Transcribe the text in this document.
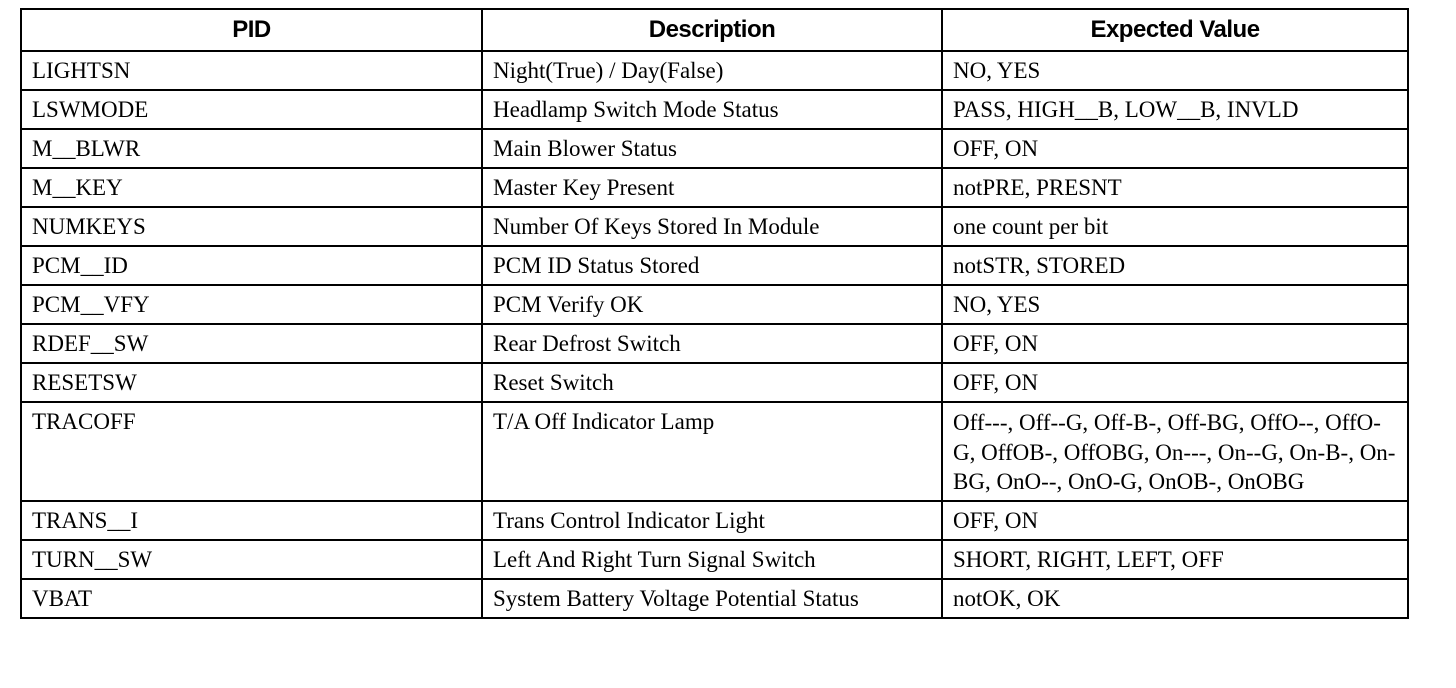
PID	Description	Expected Value
LIGHTSN	Night(True) / Day(False)	NO, YES
LSWMODE	Headlamp Switch Mode Status	PASS, HIGH__B, LOW__B, INVLD
M__BLWR	Main Blower Status	OFF, ON
M__KEY	Master Key Present	notPRE, PRESNT
NUMKEYS	Number Of Keys Stored In Module	one count per bit
PCM__ID	PCM ID Status Stored	notSTR, STORED
PCM__VFY	PCM Verify OK	NO, YES
RDEF__SW	Rear Defrost Switch	OFF, ON
RESETSW	Reset Switch	OFF, ON
TRACOFF	T/A Off Indicator Lamp	Off---, Off--G, Off-B-, Off-BG, OffO--, OffO-G, OffOB-, OffOBG, On---, On--G, On-B-, On-BG, OnO--, OnO-G, OnOB-, OnOBG
TRANS__I	Trans Control Indicator Light	OFF, ON
TURN__SW	Left And Right Turn Signal Switch	SHORT, RIGHT, LEFT, OFF
VBAT	System Battery Voltage Potential Status	notOK, OK
